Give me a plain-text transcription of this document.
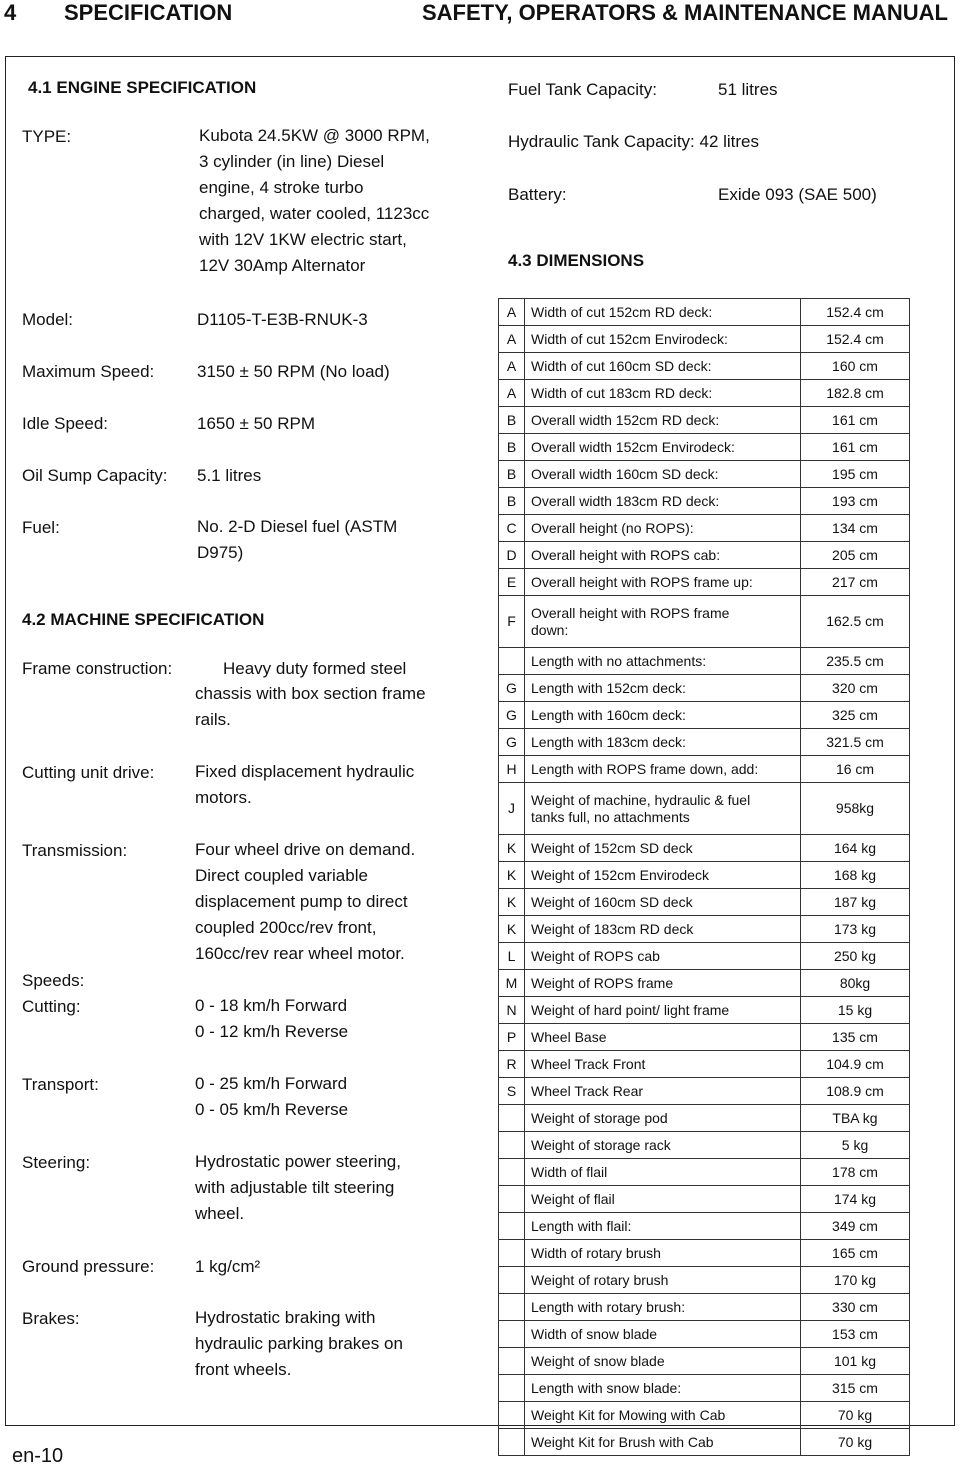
4 SPECIFICATION	SAFETY, OPERATORS & MAINTENANCE MANUAL
4.1 ENGINE SPECIFICATION
TYPE:	Kubota 24.5KW @ 3000 RPM,
3 cylinder (in line) Diesel
engine, 4 stroke turbo
charged, water cooled, 1123cc
with 12V 1KW electric start,
12V 30Amp Alternator
Model:	D1105-T-E3B-RNUK-3
Maximum Speed:	3150 ± 50 RPM (No load)
Idle Speed:	1650 ± 50 RPM
Oil Sump Capacity: 5.1 litres
Fuel:	No. 2-D Diesel fuel (ASTM
D975)
Fuel Tank Capacity:	51 litres
Hydraulic Tank Capacity: 42 litres
Battery:	Exide 093 (SAE 500)
4.2 MACHINE SPECIFICATION
Frame construction:	Heavy duty formed steel
chassis with box section frame
rails.
Cutting unit drive: Fixed displacement hydraulic
motors.
Transmission:	Four wheel drive on demand.
Direct coupled variable
displacement pump to direct
coupled 200cc/rev front,
160cc/rev rear wheel motor.
Speeds:
Cutting:	0 - 18 km/h Forward
0 - 12 km/h Reverse
Transport:	0 - 25 km/h Forward
0 - 05 km/h Reverse
Steering:	Hydrostatic power steering,
with adjustable tilt steering
wheel.
Ground pressure: 1 kg/cm²
Brakes:	Hydrostatic braking with
hydraulic parking brakes on
front wheels.
4.3 DIMENSIONS
A	Width of cut 152cm RD deck:	152.4 cm
A	Width of cut 152cm Envirodeck:	152.4 cm
A	Width of cut 160cm SD deck:	160 cm
A	Width of cut 183cm RD deck:	182.8 cm
B	Overall width 152cm RD deck:	161 cm
B	Overall width 152cm Envirodeck:	161 cm
B	Overall width 160cm SD deck:	195 cm
B	Overall width 183cm RD deck:	193 cm
C	Overall height (no ROPS):	134 cm
D	Overall height with ROPS cab:	205 cm
E	Overall height with ROPS frame up:	217 cm
F	Overall height with ROPS frame
down:	162.5 cm
	Length with no attachments:	235.5 cm
G	Length with 152cm deck:	320 cm
G	Length with 160cm deck:	325 cm
G	Length with 183cm deck:	321.5 cm
H	Length with ROPS frame down, add:	16 cm
J	Weight of machine, hydraulic & fuel
tanks full, no attachments	958kg
K	Weight of 152cm SD deck	164 kg
K	Weight of 152cm Envirodeck	168 kg
K	Weight of 160cm SD deck	187 kg
K	Weight of 183cm RD deck	173 kg
L	Weight of ROPS cab	250 kg
M	Weight of ROPS frame	80kg
N	Weight of hard point/ light frame	15 kg
P	Wheel Base	135 cm
R	Wheel Track Front	104.9 cm
S	Wheel Track Rear	108.9 cm
	Weight of storage pod	TBA kg
	Weight of storage rack	5 kg
	Width of flail	178 cm
	Weight of flail	174 kg
	Length with flail:	349 cm
	Width of rotary brush	165 cm
	Weight of rotary brush	170 kg
	Length with rotary brush:	330 cm
	Width of snow blade	153 cm
	Weight of snow blade	101 kg
	Length with snow blade:	315 cm
	Weight Kit for Mowing with Cab	70 kg
	Weight Kit for Brush with Cab	70 kg
en-10
